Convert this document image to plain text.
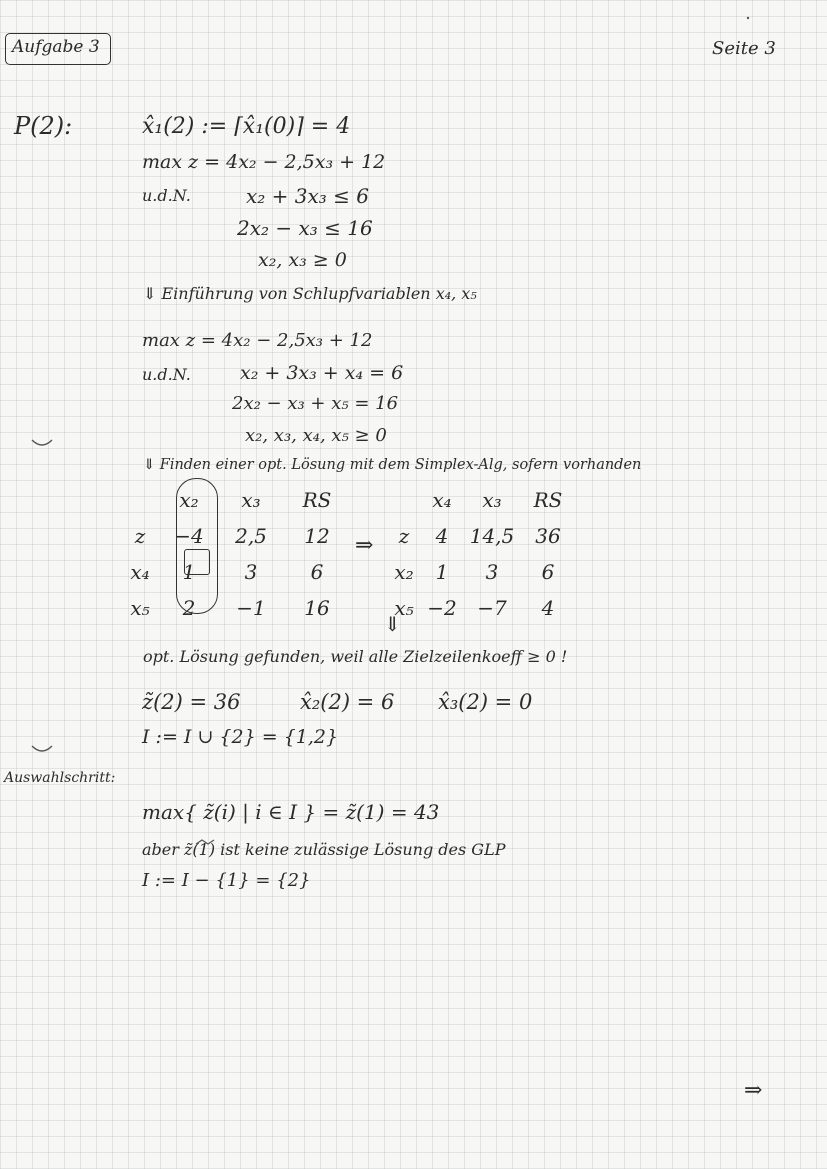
Aufgabe 3	Seite 3
P(2):	x̂₁(2) := ⌈x̂₁(0)⌉ = 4
max z = 4x₂ − 2,5x₃ + 12
u.d.N.	x₂ + 3x₃ ≤ 6
2x₂ − x₃ ≤ 16
x₂, x₃ ≥ 0
⇓ Einführung von Schlupfvariablen x₄, x₅
max z = 4x₂ − 2,5x₃ + 12
u.d.N.	x₂ + 3x₃ + x₄ = 6
2x₂ − x₃ + x₅ = 16
x₂, x₃, x₄, x₅ ≥ 0
⇓ Finden einer opt. Lösung mit dem Simplex-Alg, sofern vorhanden
	x₂	x₃	RS
z	−4	2,5	12
x₄	1	3	6
x₅	2	−1	16
⇒
	x₄	x₃	RS
z	4	14,5	36
x₂	1	3	6
x₅	−2	−7	4
⇓
opt. Lösung gefunden, weil alle Zielzeilenkoeff ≥ 0 !
z̃(2) = 36	x̂₂(2) = 6 x̂₃(2) = 0
I := I ∪ {2} = {1,2}
Auswahlschritt:
max{ z̃(i) | i ∈ I } = z̃(1) = 43
aber z̃(1) ist keine zulässige Lösung des GLP
I := I − {1} = {2}
⇒
